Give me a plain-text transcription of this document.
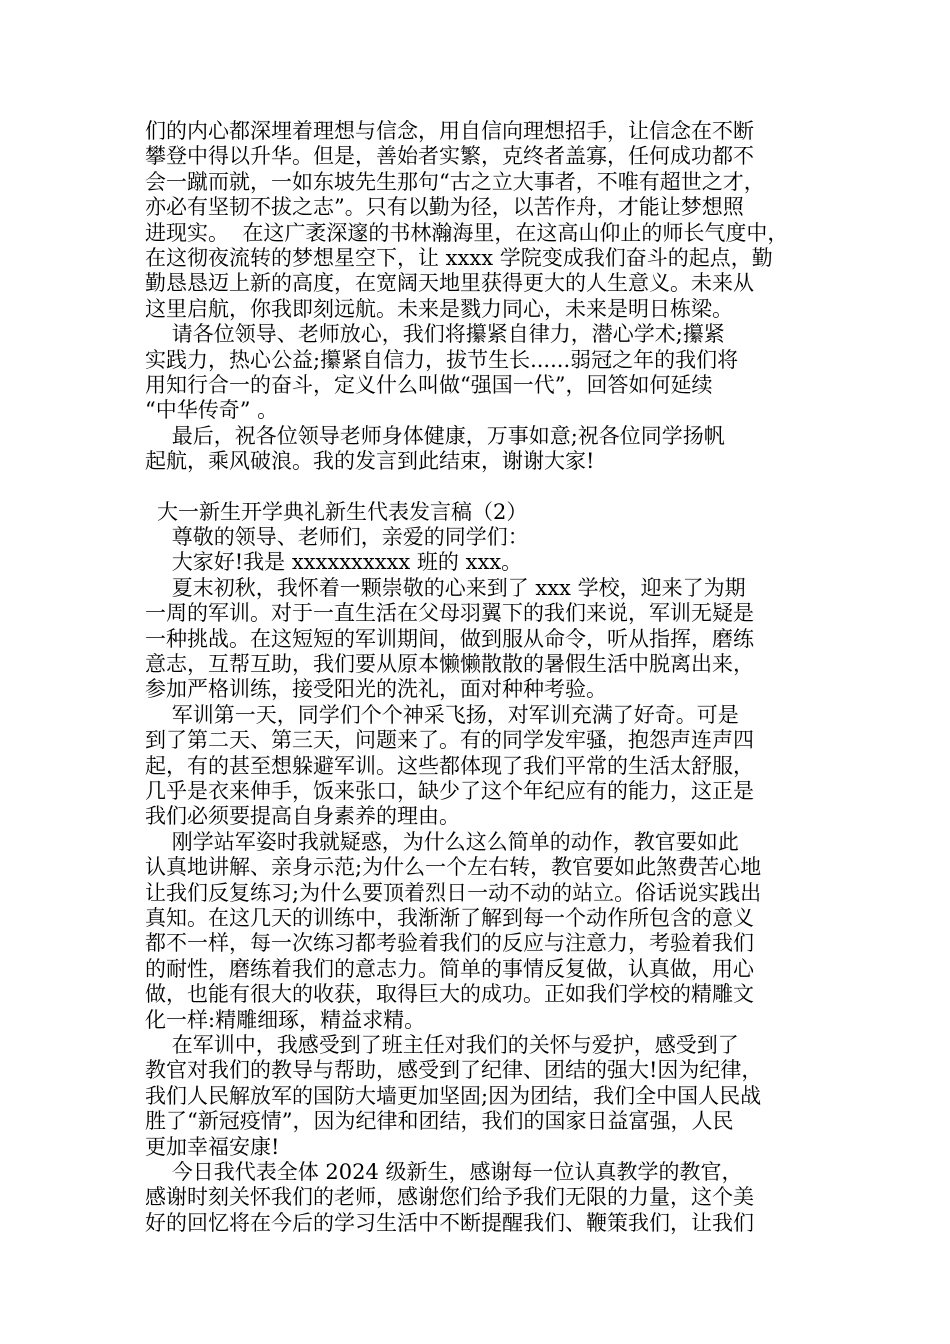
们的内心都深埋着理想与信念，用自信向理想招手，让信念在不断
攀登中得以升华。但是，善始者实繁，克终者盖寡，任何成功都不
会一蹴而就，一如东坡先生那句“古之立大事者，不唯有超世之才，
亦必有坚韧不拔之志”。只有以勤为径，以苦作舟，才能让梦想照
进现实。  在这广袤深邃的书林瀚海里，在这高山仰止的师长气度中，
在这彻夜流转的梦想星空下，让 xxxx 学院变成我们奋斗的起点，勤
勤恳恳迈上新的高度，在宽阔天地里获得更大的人生意义。未来从
这里启航，你我即刻远航。未来是戮力同心，未来是明日栋梁。
请各位领导、老师放心，我们将攥紧自律力，潜心学术;攥紧
实践力，热心公益;攥紧自信力，拔节生长......弱冠之年的我们将
用知行合一的奋斗，定义什么叫做“强国一代”，回答如何延续
“中华传奇” 。
最后，祝各位领导老师身体健康，万事如意;祝各位同学扬帆
起航，乘风破浪。我的发言到此结束，谢谢大家!
大一新生开学典礼新生代表发言稿（2）
尊敬的领导、老师们，亲爱的同学们：
大家好!我是 xxxxxxxxxx 班的 xxx。
夏末初秋，我怀着一颗崇敬的心来到了 xxx 学校，迎来了为期
一周的军训。对于一直生活在父母羽翼下的我们来说，军训无疑是
一种挑战。在这短短的军训期间，做到服从命令，听从指挥，磨练
意志，互帮互助，我们要从原本懒懒散散的暑假生活中脱离出来，
参加严格训练，接受阳光的洗礼，面对种种考验。
军训第一天，同学们个个神采飞扬，对军训充满了好奇。可是
到了第二天、第三天，问题来了。有的同学发牢骚，抱怨声连声四
起，有的甚至想躲避军训。这些都体现了我们平常的生活太舒服，
几乎是衣来伸手，饭来张口，缺少了这个年纪应有的能力，这正是
我们必须要提高自身素养的理由。
刚学站军姿时我就疑惑，为什么这么简单的动作，教官要如此
认真地讲解、亲身示范;为什么一个左右转，教官要如此煞费苦心地
让我们反复练习;为什么要顶着烈日一动不动的站立。俗话说实践出
真知。在这几天的训练中，我渐渐了解到每一个动作所包含的意义
都不一样，每一次练习都考验着我们的反应与注意力，考验着我们
的耐性，磨练着我们的意志力。简单的事情反复做，认真做，用心
做，也能有很大的收获，取得巨大的成功。正如我们学校的精雕文
化一样:精雕细琢，精益求精。
在军训中，我感受到了班主任对我们的关怀与爱护，感受到了
教官对我们的教导与帮助，感受到了纪律、团结的强大!因为纪律，
我们人民解放军的国防大墙更加坚固;因为团结，我们全中国人民战
胜了“新冠疫情”，因为纪律和团结，我们的国家日益富强，人民
更加幸福安康!
今日我代表全体 2024 级新生，感谢每一位认真教学的教官，
感谢时刻关怀我们的老师，感谢您们给予我们无限的力量，这个美
好的回忆将在今后的学习生活中不断提醒我们、鞭策我们，让我们
